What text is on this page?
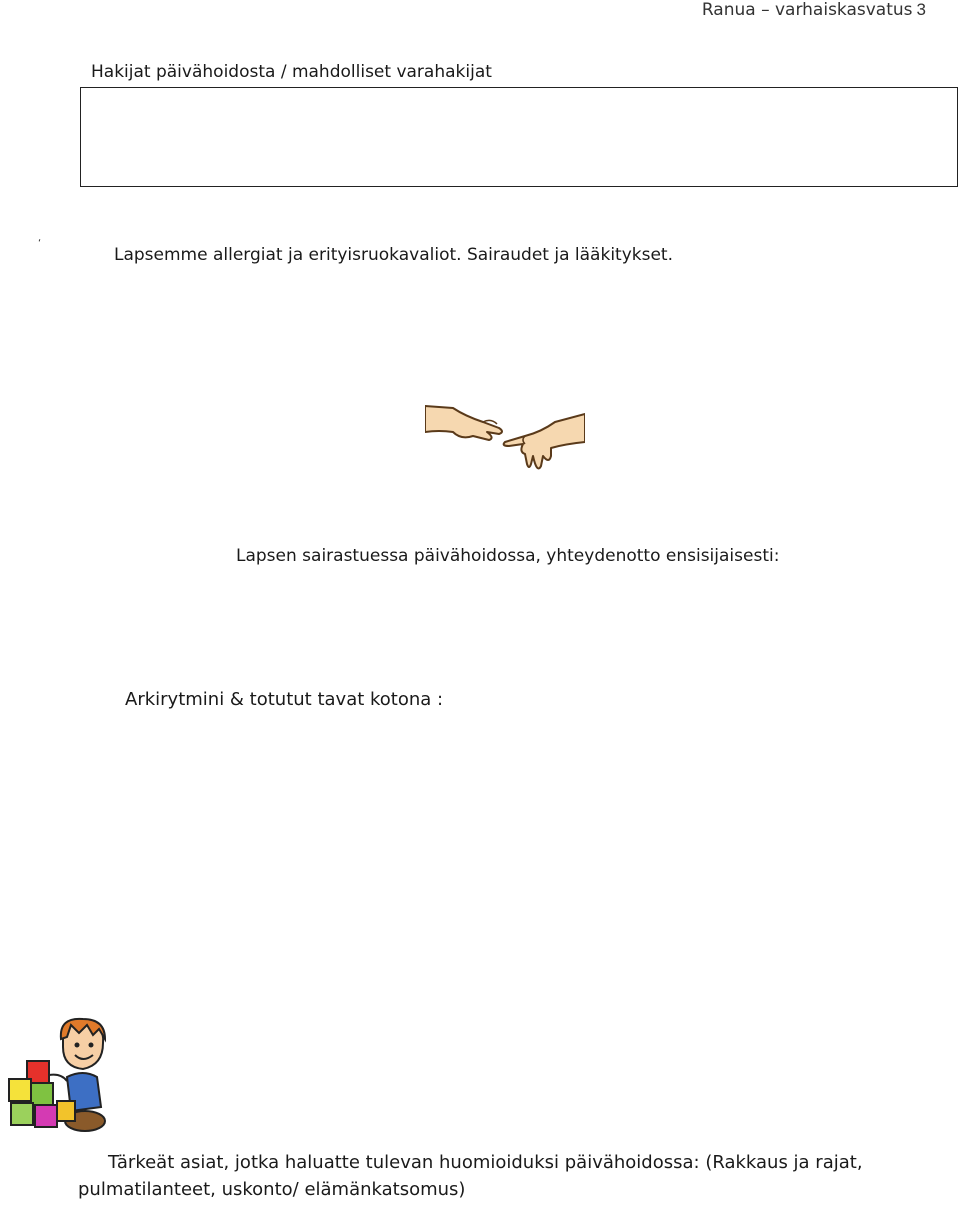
Ranua – varhaiskasvatus 3
Hakijat päivähoidosta / mahdolliset varahakijat
‘
Lapsemme allergiat ja erityisruokavaliot. Sairaudet ja lääkitykset.
Lapsen sairastuessa päivähoidossa, yhteydenotto ensisijaisesti:
Arkirytmini & totutut tavat kotona :
Tärkeät asiat, jotka haluatte tulevan huomioiduksi päivähoidossa: (Rakkaus ja rajat,
pulmatilanteet, uskonto/ elämänkatsomus)
